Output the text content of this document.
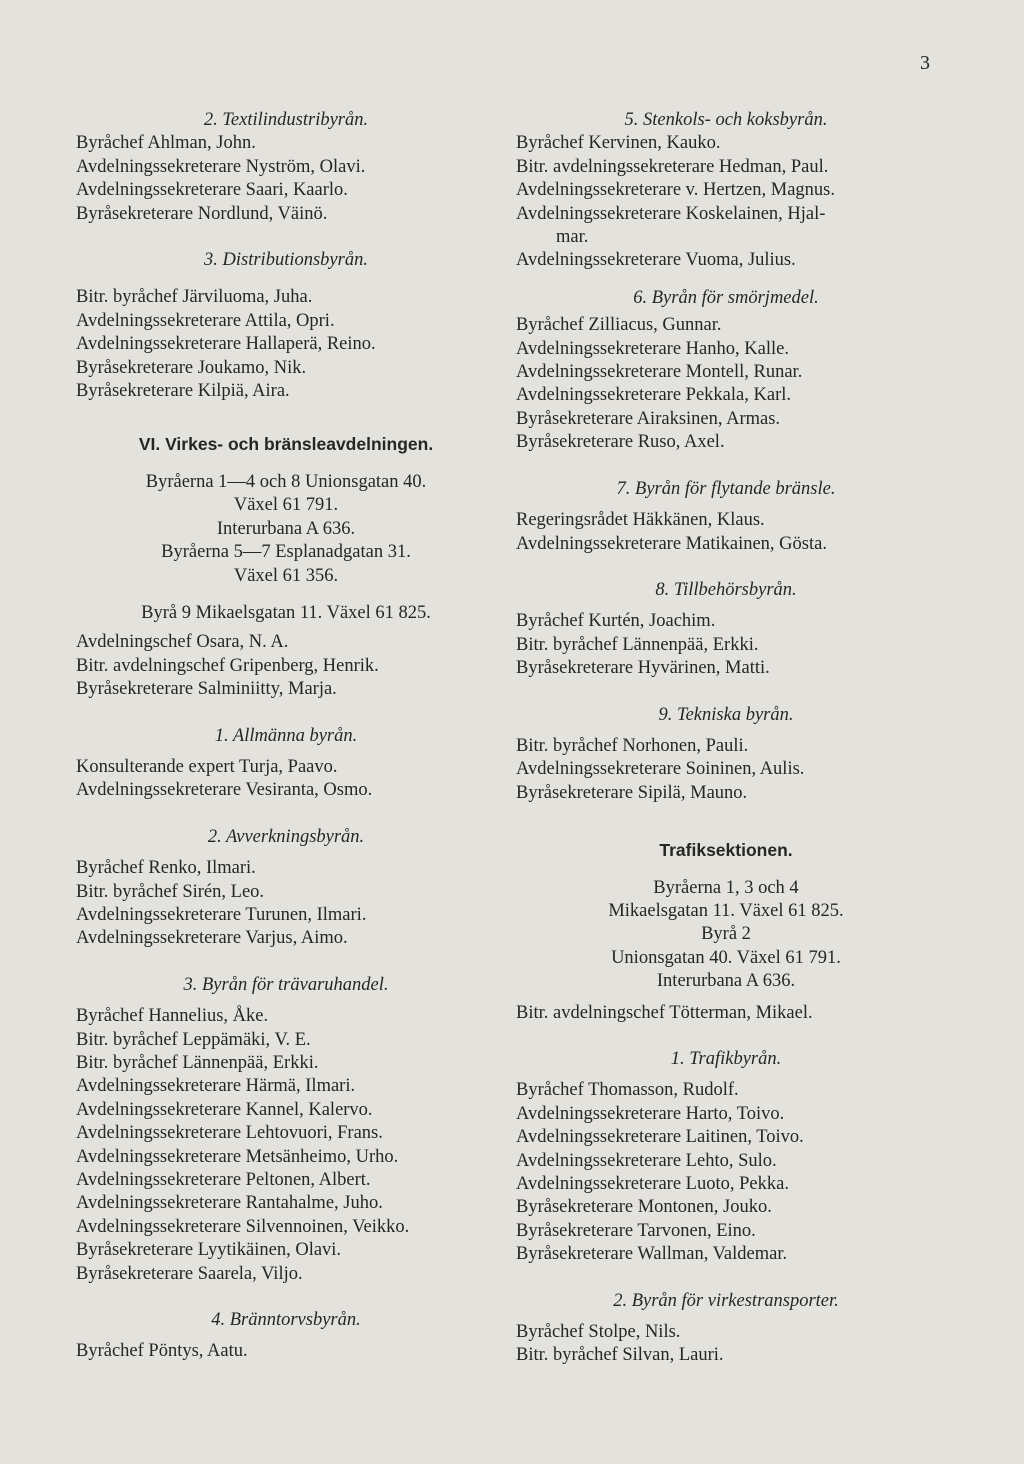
3

2. Textilindustribyrån.

Byråchef Ahlman, John.

Avdelningssekreterare Nyström, Olavi.

Avdelningssekreterare Saari, Kaarlo.

Byråsekreterare Nordlund, Väinö.

3. Distributionsbyrån.

Bitr. byråchef Järviluoma, Juha.

Avdelningssekreterare Attila, Opri.

Avdelningssekreterare Hallaperä, Reino.

Byråsekreterare Joukamo, Nik.

Byråsekreterare Kilpiä, Aira.

VI. Virkes- och bränsleavdelningen.

Byråerna 1—4 och 8 Unionsgatan 40.

Växel 61 791.

Interurbana A 636.

Byråerna 5—7 Esplanadgatan 31.

Växel 61 356.

Byrå 9 Mikaelsgatan 11. Växel 61 825.

Avdelningschef Osara, N. A.

Bitr. avdelningschef Gripenberg, Henrik.

Byråsekreterare Salminiitty, Marja.

1. Allmänna byrån.

Konsulterande expert Turja, Paavo.

Avdelningssekreterare Vesiranta, Osmo.

2. Avverkningsbyrån.

Byråchef Renko, Ilmari.

Bitr. byråchef Sirén, Leo.

Avdelningssekreterare Turunen, Ilmari.

Avdelningssekreterare Varjus, Aimo.

3. Byrån för trävaruhandel.

Byråchef Hannelius, Åke.

Bitr. byråchef Leppämäki, V. E.

Bitr. byråchef Lännenpää, Erkki.

Avdelningssekreterare Härmä, Ilmari.

Avdelningssekreterare Kannel, Kalervo.

Avdelningssekreterare Lehtovuori, Frans.

Avdelningssekreterare Metsänheimo, Urho.

Avdelningssekreterare Peltonen, Albert.

Avdelningssekreterare Rantahalme, Juho.

Avdelningssekreterare Silvennoinen, Veikko.

Byråsekreterare Lyytikäinen, Olavi.

Byråsekreterare Saarela, Viljo.

4. Bränntorvsbyrån.

Byråchef Pöntys, Aatu.

5. Stenkols- och koksbyrån.

Byråchef Kervinen, Kauko.

Bitr. avdelningssekreterare Hedman, Paul.

Avdelningssekreterare v. Hertzen, Magnus.

Avdelningssekreterare Koskelainen, Hjal-

mar.

Avdelningssekreterare Vuoma, Julius.

6. Byrån för smörjmedel.

Byråchef Zilliacus, Gunnar.

Avdelningssekreterare Hanho, Kalle.

Avdelningssekreterare Montell, Runar.

Avdelningssekreterare Pekkala, Karl.

Byråsekreterare Airaksinen, Armas.

Byråsekreterare Ruso, Axel.

7. Byrån för flytande bränsle.

Regeringsrådet Häkkänen, Klaus.

Avdelningssekreterare Matikainen, Gösta.

8. Tillbehörsbyrån.

Byråchef Kurtén, Joachim.

Bitr. byråchef Lännenpää, Erkki.

Byråsekreterare Hyvärinen, Matti.

9. Tekniska byrån.

Bitr. byråchef Norhonen, Pauli.

Avdelningssekreterare Soininen, Aulis.

Byråsekreterare Sipilä, Mauno.

Trafiksektionen.

Byråerna 1, 3 och 4

Mikaelsgatan 11. Växel 61 825.

Byrå 2

Unionsgatan 40. Växel 61 791.

Interurbana A 636.

Bitr. avdelningschef Tötterman, Mikael.

1. Trafikbyrån.

Byråchef Thomasson, Rudolf.

Avdelningssekreterare Harto, Toivo.

Avdelningssekreterare Laitinen, Toivo.

Avdelningssekreterare Lehto, Sulo.

Avdelningssekreterare Luoto, Pekka.

Byråsekreterare Montonen, Jouko.

Byråsekreterare Tarvonen, Eino.

Byråsekreterare Wallman, Valdemar.

2. Byrån för virkestransporter.

Byråchef Stolpe, Nils.

Bitr. byråchef Silvan, Lauri.
